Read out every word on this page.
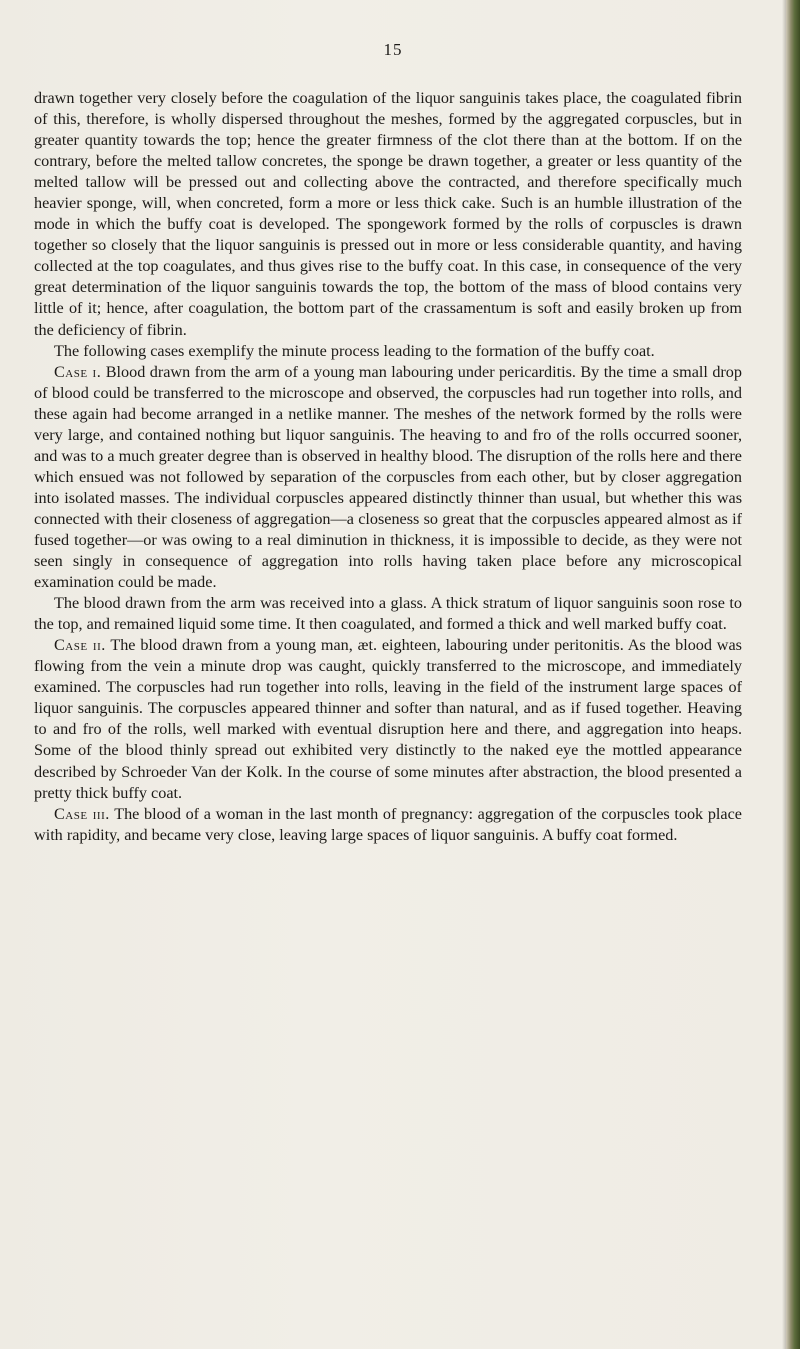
15

drawn together very closely before the coagulation of the liquor sanguinis takes place, the coagulated fibrin of this, therefore, is wholly dispersed throughout the meshes, formed by the aggregated corpuscles, but in greater quantity towards the top; hence the greater firmness of the clot there than at the bottom. If on the contrary, before the melted tallow concretes, the sponge be drawn together, a greater or less quantity of the melted tallow will be pressed out and collecting above the contracted, and therefore specifically much heavier sponge, will, when concreted, form a more or less thick cake. Such is an humble illustration of the mode in which the buffy coat is developed. The spongework formed by the rolls of corpuscles is drawn together so closely that the liquor sanguinis is pressed out in more or less considerable quantity, and having collected at the top coagulates, and thus gives rise to the buffy coat. In this case, in consequence of the very great determination of the liquor sanguinis towards the top, the bottom of the mass of blood contains very little of it; hence, after coagulation, the bottom part of the crassamentum is soft and easily broken up from the deficiency of fibrin.

The following cases exemplify the minute process leading to the formation of the buffy coat.

Case i. Blood drawn from the arm of a young man labouring under pericarditis. By the time a small drop of blood could be transferred to the microscope and observed, the corpuscles had run together into rolls, and these again had become arranged in a netlike manner. The meshes of the network formed by the rolls were very large, and contained nothing but liquor sanguinis. The heaving to and fro of the rolls occurred sooner, and was to a much greater degree than is observed in healthy blood. The disruption of the rolls here and there which ensued was not followed by separation of the corpuscles from each other, but by closer aggregation into isolated masses. The individual corpuscles appeared distinctly thinner than usual, but whether this was connected with their closeness of aggregation—a closeness so great that the corpuscles appeared almost as if fused together—or was owing to a real diminution in thickness, it is impossible to decide, as they were not seen singly in consequence of aggregation into rolls having taken place before any microscopical examination could be made.

The blood drawn from the arm was received into a glass. A thick stratum of liquor sanguinis soon rose to the top, and remained liquid some time. It then coagulated, and formed a thick and well marked buffy coat.

Case ii. The blood drawn from a young man, æt. eighteen, labouring under peritonitis. As the blood was flowing from the vein a minute drop was caught, quickly transferred to the microscope, and immediately examined. The corpuscles had run together into rolls, leaving in the field of the instrument large spaces of liquor sanguinis. The corpuscles appeared thinner and softer than natural, and as if fused together. Heaving to and fro of the rolls, well marked with eventual disruption here and there, and aggregation into heaps. Some of the blood thinly spread out exhibited very distinctly to the naked eye the mottled appearance described by Schroeder Van der Kolk. In the course of some minutes after abstraction, the blood presented a pretty thick buffy coat.

Case iii. The blood of a woman in the last month of pregnancy: aggregation of the corpuscles took place with rapidity, and became very close, leaving large spaces of liquor sanguinis. A buffy coat formed.
